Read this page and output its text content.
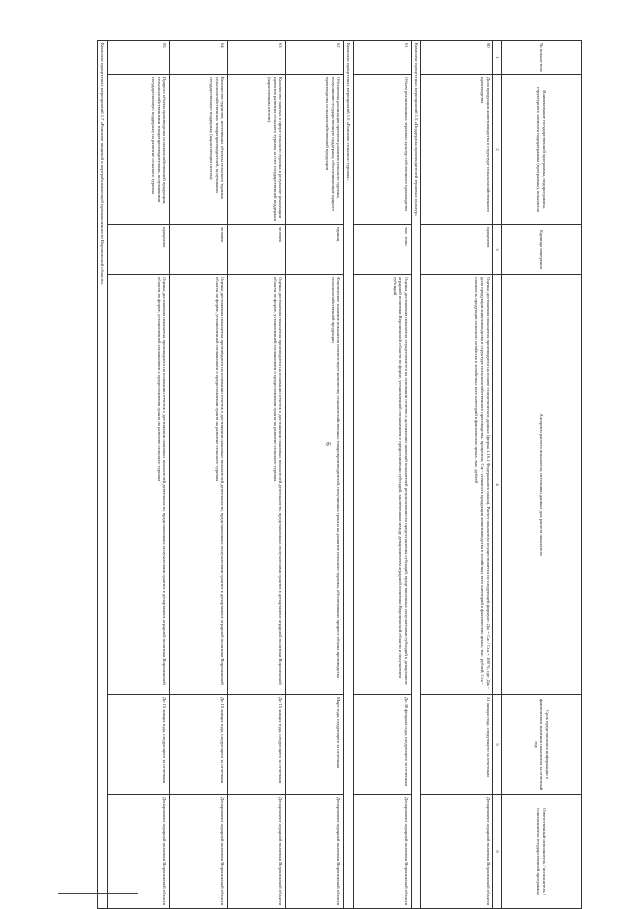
6
№ показа-теля	Наименование государственной программы, подпрограммы, структурного элемента подпрограммы (программы), показателя	Единица измерения	Алгоритм расчета показателя, источники данных для расчета показателя	Срок представления информации о фактическом значении показателя за отчетный год	Ответственный исполнитель / исполнитель / соисполнитель государственной программы
1	2	3	4	5	6
60	Доля продукции животноводства в структуре сельскохозяйственного производства	процентов	Оценка достижения показателя производится на основе статистических данных (форма 1.16.1 Федерального плана). Расчет показателя осуществляется по следующей формуле: Дж = Сж / Сса × 100 %, где: Дж - доля продукции животноводства в структуре сельскохозяйственного производства, процентов; Сж - стоимость продукции животноводства в хозяйствах всех категорий в фактических ценах, тыс. рублей; Сса - стоимость продукции сельского хозяйства в хозяйствах всех категорий в фактических ценах, тыс. рублей	31 января года, следующего за отчетным	Департамент аграрной политики Воронежской области
Комплекс процессных мероприятий 1.5 «Поддержка производителей зерновых культур»					
61	Объем реализованных зерновых культур собственного производства	тыс. тонн	Оценка достижения показателя осуществляется на основании отчетов о достижении значений показателей результативности предоставления субсидий, представленных получателями субсидий в департамент аграрной политики Воронежской области по форме, установленной соглашением о предоставлении субсидий, заключенным между департаментом аграрной политики Воронежской области и получателем субсидий	До 30 февраля года, следующего за отчетным	Департамент аграрной политики Воронежской области
Комплекс процессных мероприятий 1.6 «Развитие сельского туризма»					
62	Обеспечена реализация проектов развития сельского туризма, получившие государственную поддержку, обеспечивающие прирост производства сельскохозяйственной продукции	единиц	Фактическое значение показателя соответствует количеству сельскохозяйственных товаропроизводителей, получивших гранты на развитие сельского туризма, обеспечивших прирост объема производства сельскохозяйственной продукции	Март года, следующего за отчетным	Департамент аграрной политики Воронежской области
63	Количество занятых в сфере сельского туризма в результате реализации проектов развития сельского туризма за счет государственной поддержки (нарастающим итогом)	человек	Оценка достижения показателя производится на основании отчетов о достижении плановых показателей деятельности, представленных получателями грантов в департамент аграрной политики Воронежской области по форме, установленной соглашением о предоставлении гранта на развитие сельского туризма	До 15 января года, следующего за отчетным	Департамент аграрной политики Воронежской области
64	Количество туристов, посетивших объекты сельского туризма сельскохозяйственных товаропроизводителей, получивших государственную поддержку (нарастающим итогом)	человек	Оценка достижения показателя производится на основании отчетов о достижении плановых показателей деятельности, представленных получателями грантов в департамент аграрной политики Воронежской области по форме, установленной соглашением о предоставлении гранта на развитие сельского туризма	До 15 января года, следующего за отчетным	Департамент аграрной политики Воронежской области
65	Прирост объема производства сельскохозяйственной продукции, сельскохозяйственными товаропроизводителями, получившими государственную поддержку на развитие сельского туризма	процентов	Оценка достижения показателя производится на основании отчетов о достижении плановых показателей деятельности, представленных получателями грантов в департамент аграрной политики Воронежской области по форме, установленной соглашением о предоставлении гранта на развитие сельского туризма	До 15 января года, следующего за отчетным	Департамент аграрной политики Воронежской области
Комплекс процессных мероприятий 1.7 «Развитие пищевой и перерабатывающей промышленности Воронежской области»					
